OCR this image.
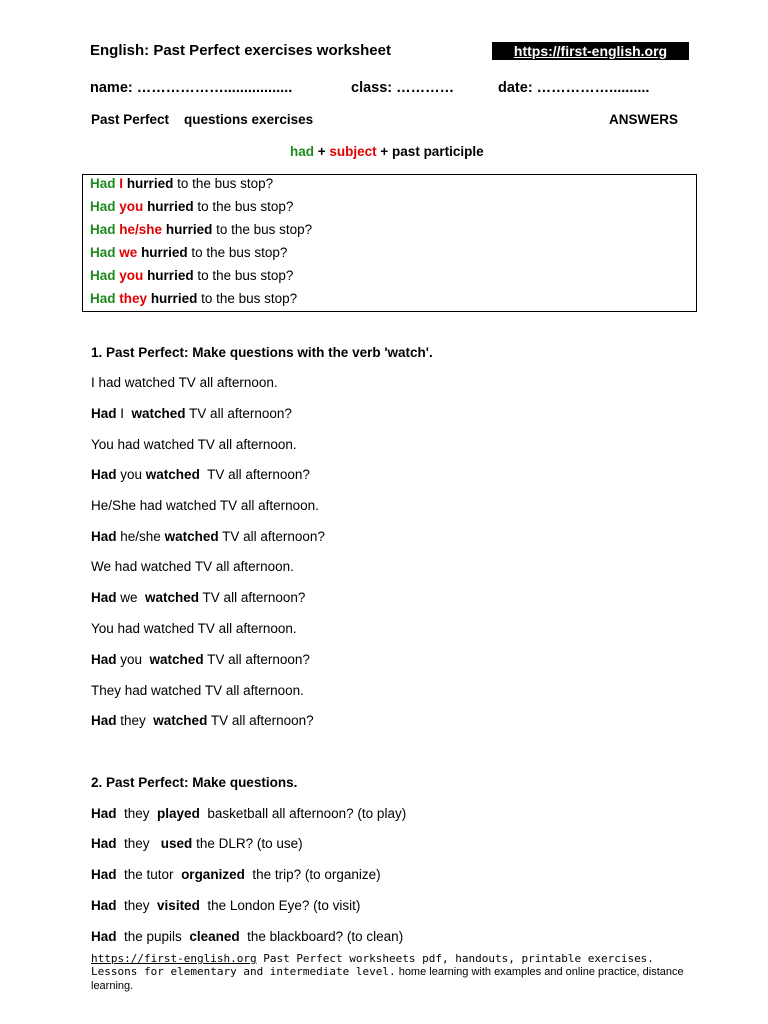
English: Past Perfect exercises worksheet	https://first-english.org
name: ……………….................	class: …………	date: ……………..........
Past Perfect    questions exercises	ANSWERS
had + subject + past participle
Had I hurried to the bus stop?
Had you hurried to the bus stop?
Had he/she hurried to the bus stop?
Had we hurried to the bus stop?
Had you hurried to the bus stop?
Had they hurried to the bus stop?
1. Past Perfect: Make questions with the verb 'watch'.
I had watched TV all afternoon.
Had I  watched TV all afternoon?
You had watched TV all afternoon.
Had you watched  TV all afternoon?
He/She had watched TV all afternoon.
Had he/she watched TV all afternoon?
We had watched TV all afternoon.
Had we  watched TV all afternoon?
You had watched TV all afternoon.
Had you  watched TV all afternoon?
They had watched TV all afternoon.
Had they  watched TV all afternoon?
2. Past Perfect: Make questions.
Had  they  played  basketball all afternoon? (to play)
Had  they   used the DLR? (to use)
Had  the tutor  organized  the trip? (to organize)
Had  they  visited  the London Eye? (to visit)
Had  the pupils  cleaned  the blackboard? (to clean)
https://first-english.org Past Perfect worksheets pdf, handouts, printable exercises. Lessons for elementary and intermediate level. home learning with examples and online practice, distance learning.
